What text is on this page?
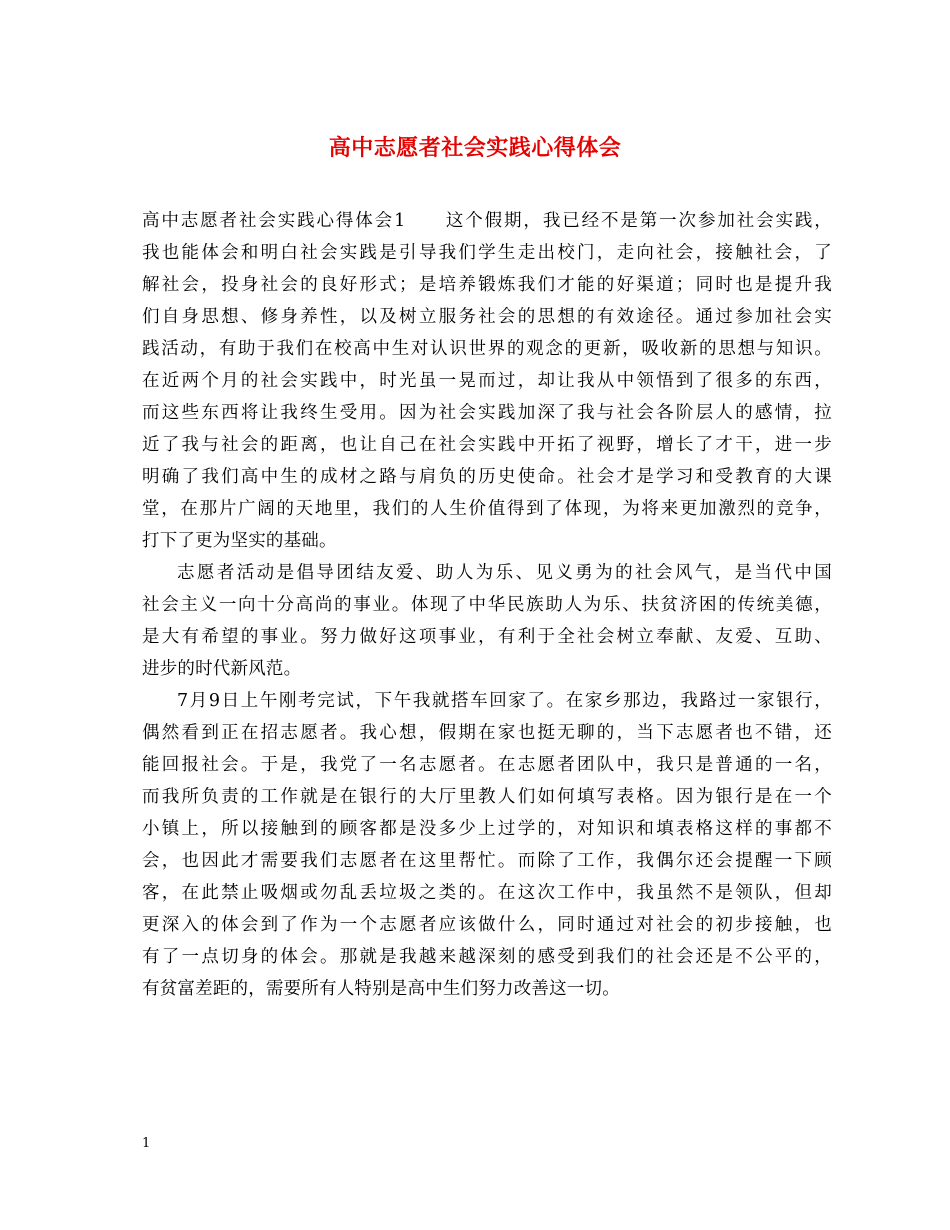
高中志愿者社会实践心得体会
高中志愿者社会实践心得体会1　　这个假期，我已经不是第一次参加社会实践，
我也能体会和明白社会实践是引导我们学生走出校门，走向社会，接触社会，了
解社会，投身社会的良好形式；是培养锻炼我们才能的好渠道；同时也是提升我
们自身思想、修身养性，以及树立服务社会的思想的有效途径。通过参加社会实
践活动，有助于我们在校高中生对认识世界的观念的更新，吸收新的思想与知识。
在近两个月的社会实践中，时光虽一晃而过，却让我从中领悟到了很多的东西，
而这些东西将让我终生受用。因为社会实践加深了我与社会各阶层人的感情，拉
近了我与社会的距离，也让自己在社会实践中开拓了视野，增长了才干，进一步
明确了我们高中生的成材之路与肩负的历史使命。社会才是学习和受教育的大课
堂，在那片广阔的天地里，我们的人生价值得到了体现，为将来更加激烈的竞争，
打下了更为坚实的基础。
志愿者活动是倡导团结友爱、助人为乐、见义勇为的社会风气，是当代中国
社会主义一向十分高尚的事业。体现了中华民族助人为乐、扶贫济困的传统美德，
是大有希望的事业。努力做好这项事业，有利于全社会树立奉献、友爱、互助、
进步的时代新风范。
7月9日上午刚考完试，下午我就搭车回家了。在家乡那边，我路过一家银行，
偶然看到正在招志愿者。我心想，假期在家也挺无聊的，当下志愿者也不错，还
能回报社会。于是，我党了一名志愿者。在志愿者团队中，我只是普通的一名，
而我所负责的工作就是在银行的大厅里教人们如何填写表格。因为银行是在一个
小镇上，所以接触到的顾客都是没多少上过学的，对知识和填表格这样的事都不
会，也因此才需要我们志愿者在这里帮忙。而除了工作，我偶尔还会提醒一下顾
客，在此禁止吸烟或勿乱丢垃圾之类的。在这次工作中，我虽然不是领队，但却
更深入的体会到了作为一个志愿者应该做什么，同时通过对社会的初步接触，也
有了一点切身的体会。那就是我越来越深刻的感受到我们的社会还是不公平的，
有贫富差距的，需要所有人特别是高中生们努力改善这一切。
1
